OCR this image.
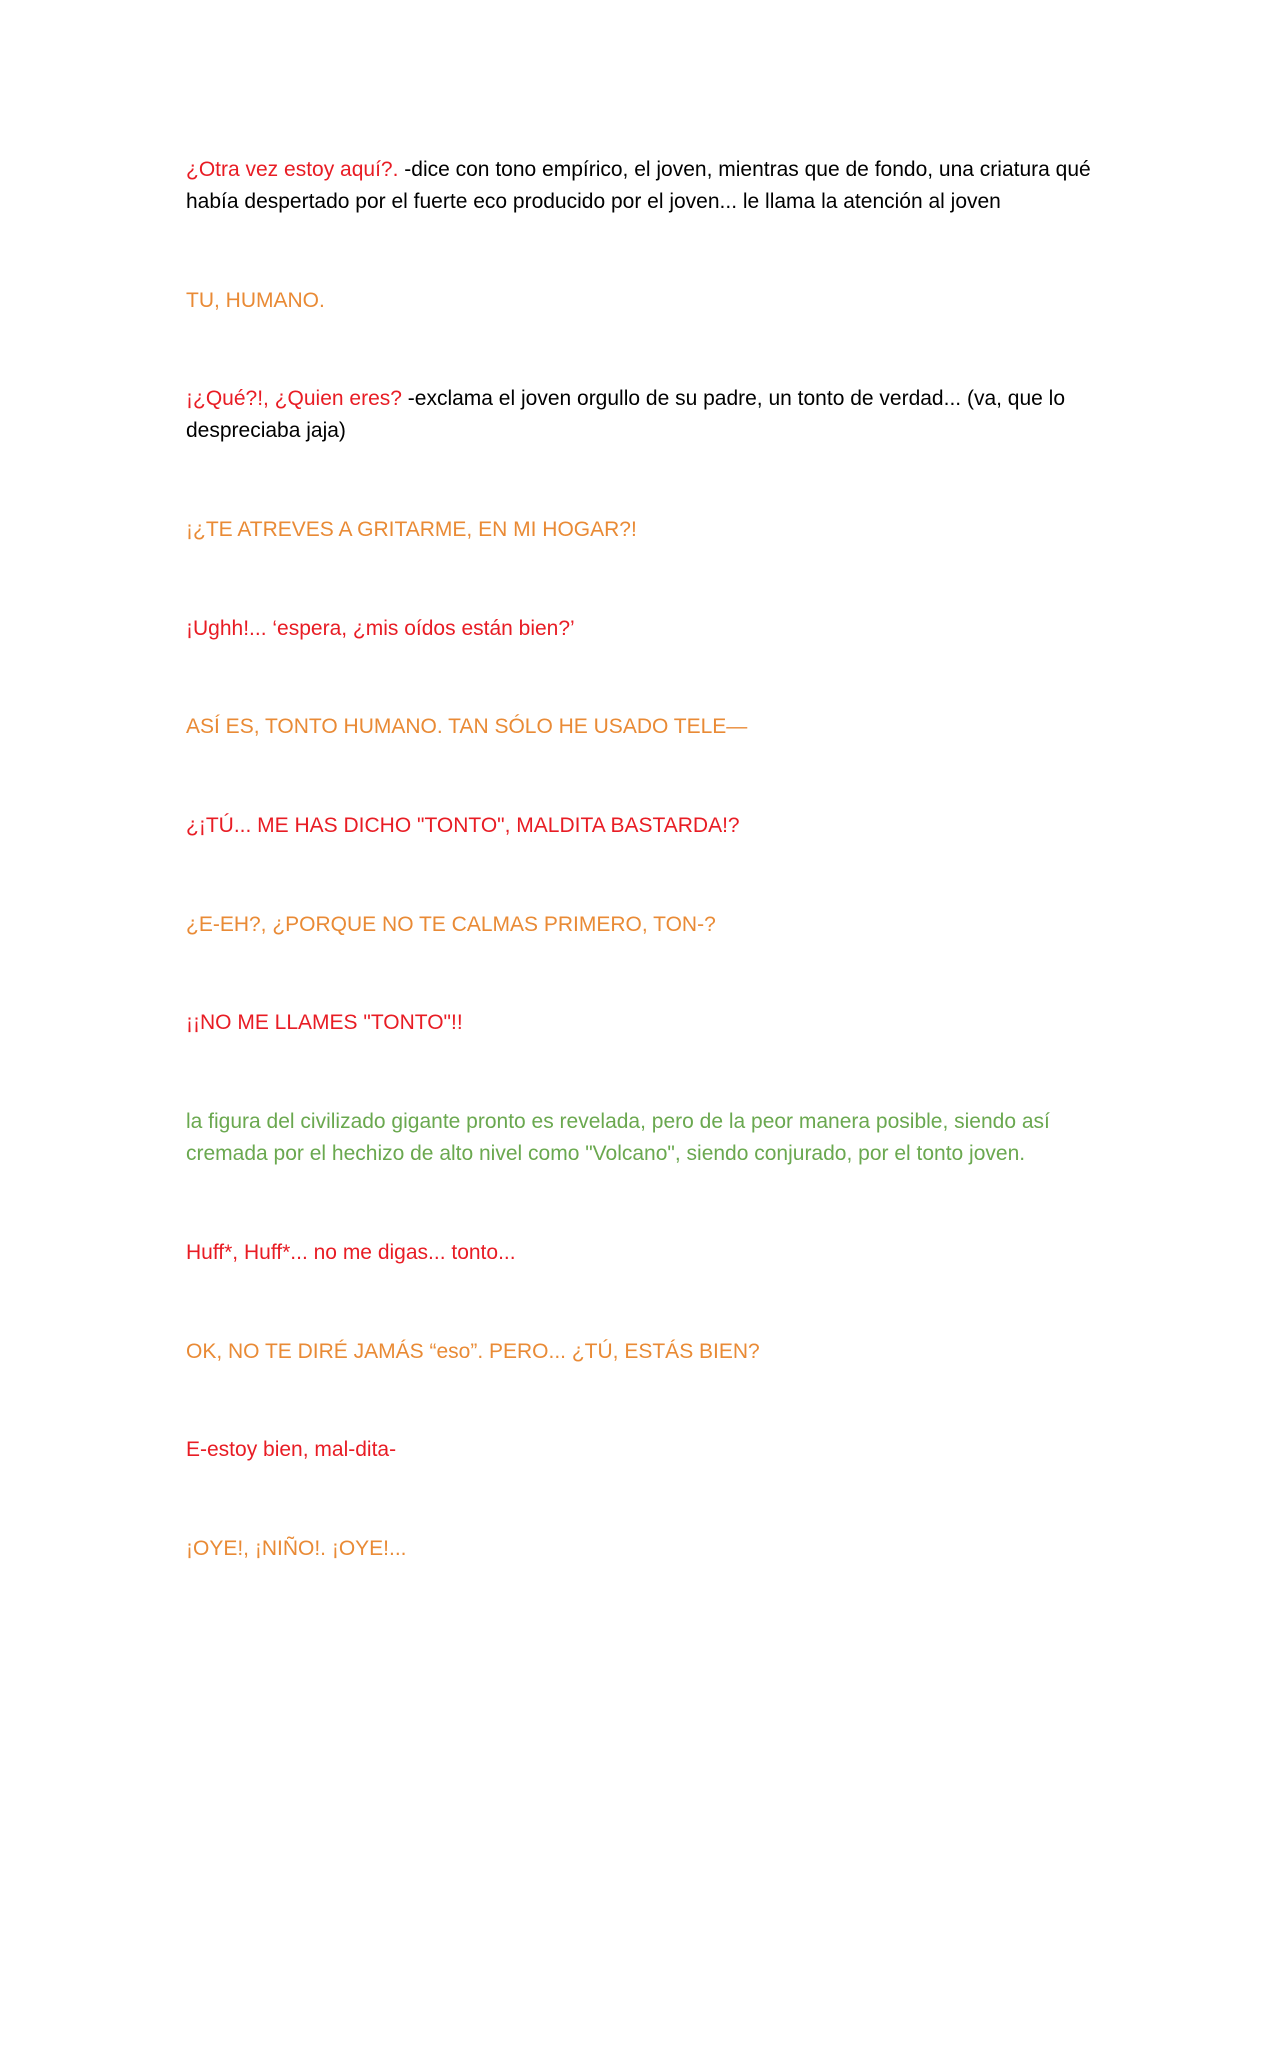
¿Otra vez estoy aquí?. -dice con tono empírico, el joven, mientras que de fondo, una criatura qué había despertado por el fuerte eco producido por el joven... le llama la atención al joven

TU, HUMANO.

¡¿Qué?!, ¿Quien eres? -exclama el joven orgullo de su padre, un tonto de verdad... (va, que lo despreciaba jaja)

¡¿TE ATREVES A GRITARME, EN MI HOGAR?!

¡Ughh!... ‘espera, ¿mis oídos están bien?’

ASÍ ES, TONTO HUMANO. TAN SÓLO HE USADO TELE—

¿¡TÚ... ME HAS DICHO "TONTO", MALDITA BASTARDA!?

¿E-EH?, ¿PORQUE NO TE CALMAS PRIMERO, TON-?

¡¡NO ME LLAMES "TONTO"!!

la figura del civilizado gigante pronto es revelada, pero de la peor manera posible, siendo así cremada por el hechizo de alto nivel como "Volcano", siendo conjurado, por el tonto joven.

Huff*, Huff*... no me digas... tonto...

OK, NO TE DIRÉ JAMÁS “eso”. PERO... ¿TÚ, ESTÁS BIEN?

E-estoy bien, mal-dita-

¡OYE!, ¡NIÑO!. ¡OYE!...
